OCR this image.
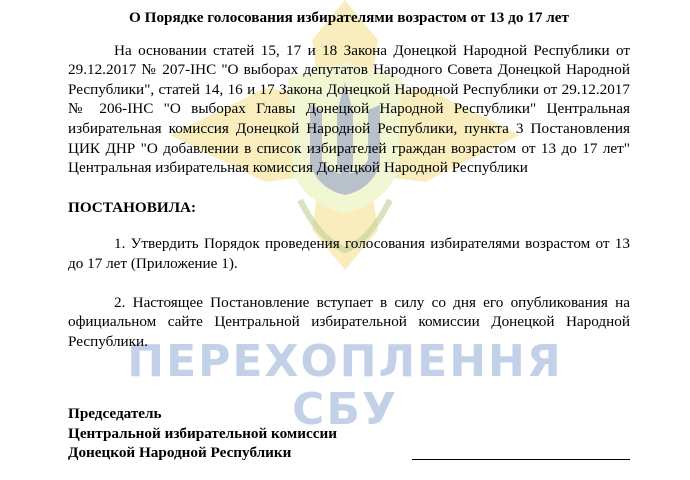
ПЕРЕХОПЛЕННЯ
СБУ

О Порядке голосования избирателями возрастом от 13 до 17 лет

На основании статей 15, 17 и 18 Закона Донецкой Народной Республики от 29.12.2017 № 207-IНС "О выборах депутатов Народного Совета Донецкой Народной Республики", статей 14, 16 и 17 Закона Донецкой Народной Республики от 29.12.2017 № 206-IНС "О выборах Главы Донецкой Народной Республики" Центральная избирательная комиссия Донецкой Народной Республики, пункта 3 Постановления ЦИК ДНР "О добавлении в список избирателей граждан возрастом от 13 до 17 лет" Центральная избирательная комиссия Донецкой Народной Республики

ПОСТАНОВИЛА:

1. Утвердить Порядок проведения голосования избирателями возрастом от 13 до 17 лет (Приложение 1).

2. Настоящее Постановление вступает в силу со дня его опубликования на официальном сайте Центральной избирательной комиссии Донецкой Народной Республики.

Председатель
Центральной избирательной комиссии
Донецкой Народной Республики
